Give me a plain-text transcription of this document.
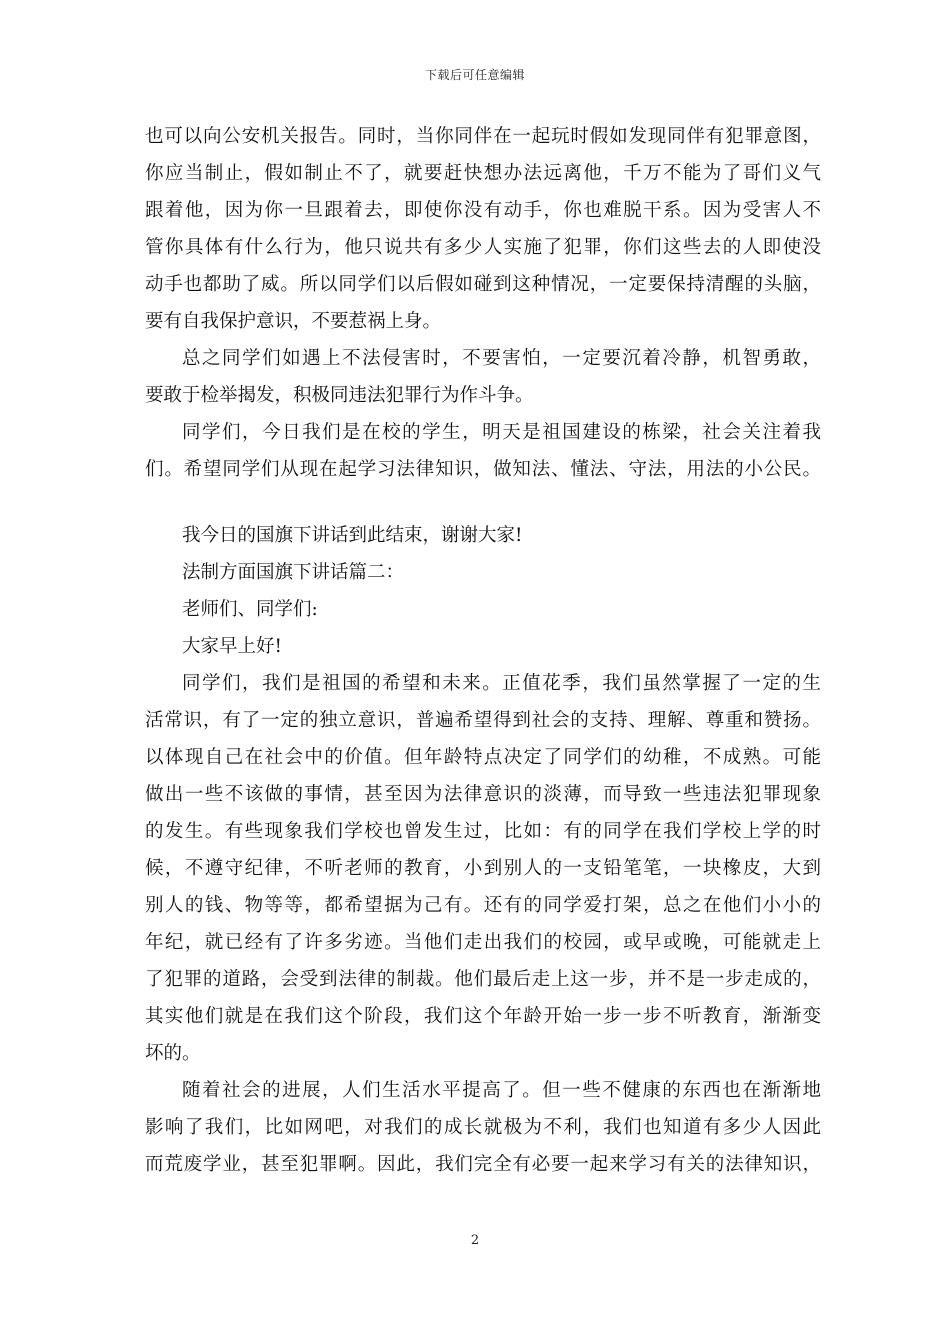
下载后可任意编辑
也可以向公安机关报告。同时，当你同伴在一起玩时假如发现同伴有犯罪意图，
你应当制止，假如制止不了，就要赶快想办法远离他，千万不能为了哥们义气
跟着他，因为你一旦跟着去，即使你没有动手，你也难脱干系。因为受害人不
管你具体有什么行为，他只说共有多少人实施了犯罪，你们这些去的人即使没
动手也都助了威。所以同学们以后假如碰到这种情况，一定要保持清醒的头脑，
要有自我保护意识，不要惹祸上身。
总之同学们如遇上不法侵害时，不要害怕，一定要沉着冷静，机智勇敢，
要敢于检举揭发，积极同违法犯罪行为作斗争。
同学们，今日我们是在校的学生，明天是祖国建设的栋梁，社会关注着我
们。希望同学们从现在起学习法律知识，做知法、懂法、守法，用法的小公民。
我今日的国旗下讲话到此结束，谢谢大家!
法制方面国旗下讲话篇二：
老师们、同学们:
大家早上好!
同学们，我们是祖国的希望和未来。正值花季，我们虽然掌握了一定的生
活常识，有了一定的独立意识，普遍希望得到社会的支持、理解、尊重和赞扬。
以体现自己在社会中的价值。但年龄特点决定了同学们的幼稚，不成熟。可能
做出一些不该做的事情，甚至因为法律意识的淡薄，而导致一些违法犯罪现象
的发生。有些现象我们学校也曾发生过，比如：有的同学在我们学校上学的时
候，不遵守纪律，不听老师的教育，小到别人的一支铅笔笔，一块橡皮，大到
别人的钱、物等等，都希望据为己有。还有的同学爱打架，总之在他们小小的
年纪，就已经有了许多劣迹。当他们走出我们的校园，或早或晚，可能就走上
了犯罪的道路，会受到法律的制裁。他们最后走上这一步，并不是一步走成的，
其实他们就是在我们这个阶段，我们这个年龄开始一步一步不听教育，渐渐变
坏的。
随着社会的进展，人们生活水平提高了。但一些不健康的东西也在渐渐地
影响了我们，比如网吧，对我们的成长就极为不利，我们也知道有多少人因此
而荒废学业，甚至犯罪啊。因此，我们完全有必要一起来学习有关的法律知识，
2
